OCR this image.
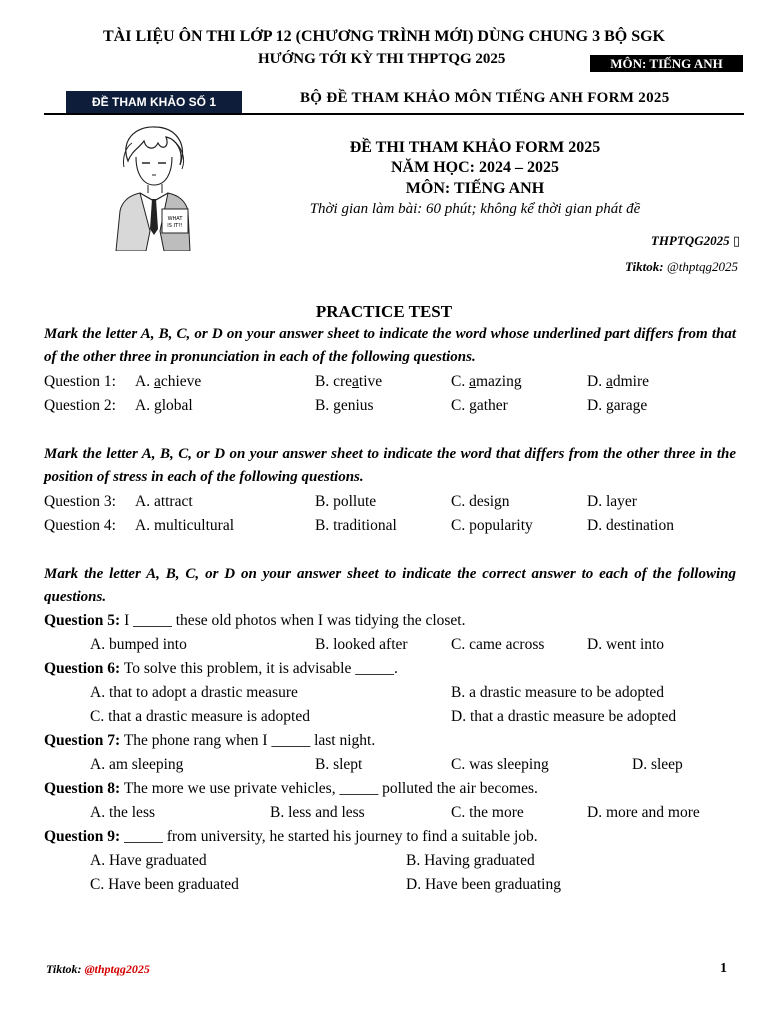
TÀI LIỆU ÔN THI LỚP 12 (CHƯƠNG TRÌNH MỚI) DÙNG CHUNG 3 BỘ SGK
HƯỚNG TỚI KỲ THI THPTQG 2025	MÔN: TIẾNG ANH
ĐỀ THAM KHẢO SỐ 1	BỘ ĐỀ THAM KHẢO MÔN TIẾNG ANH FORM 2025
WHAT
IS IT?!
ĐỀ THI THAM KHẢO FORM 2025
NĂM HỌC: 2024 – 2025
MÔN: TIẾNG ANH
Thời gian làm bài: 60 phút; không kể thời gian phát đề
THPTQG2025 ▯
Tiktok: @thptqg2025
PRACTICE TEST
Mark the letter A, B, C, or D on your answer sheet to indicate the word whose underlined part differs from that of the other three in pronunciation in each of the following questions.
Question 1: A. achieve	B. creative	C. amazing	D. admire
Question 2: A. global	B. genius	C. gather	D. garage
Mark the letter A, B, C, or D on your answer sheet to indicate the word that differs from the other three in the position of stress in each of the following questions.
Question 3: A. attract	B. pollute	C. design	D. layer
Question 4: A. multicultural	B. traditional	C. popularity	D. destination
Mark the letter A, B, C, or D on your answer sheet to indicate the correct answer to each of the following questions.
Question 5: I _____ these old photos when I was tidying the closet.
A. bumped into	B. looked after	C. came across	D. went into
Question 6: To solve this problem, it is advisable _____.
A. that to adopt a drastic measure	B. a drastic measure to be adopted
C. that a drastic measure is adopted	D. that a drastic measure be adopted
Question 7: The phone rang when I _____ last night.
A. am sleeping	B. slept	C. was sleeping	D. sleep
Question 8: The more we use private vehicles, _____ polluted the air becomes.
A. the less	B. less and less	C. the more	D. more and more
Question 9: _____ from university, he started his journey to find a suitable job.
A. Have graduated	B. Having graduated
C. Have been graduated	D. Have been graduating
Tiktok: @thptqg2025	1
